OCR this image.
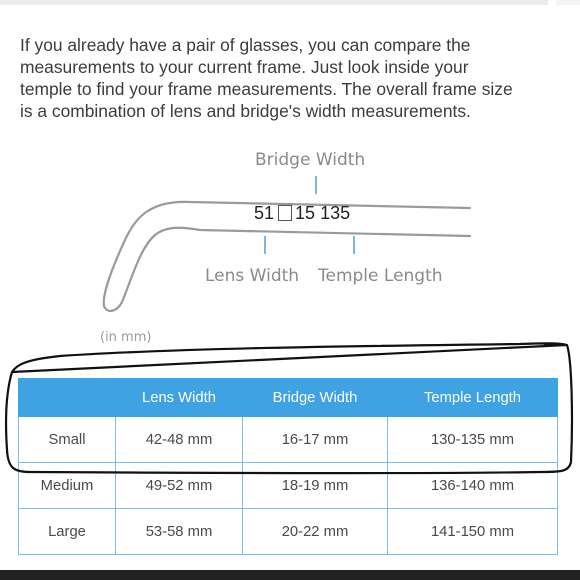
If you already have a pair of glasses, you can compare the
measurements to your current frame. Just look inside your
temple to find your frame measurements. The overall frame size
is a combination of lens and bridge's width measurements.

Bridge Width
51 15 135
Lens Width Temple Length
(in mm)
	Lens Width	Bridge Width	Temple Length
Small	42-48 mm	16-17 mm	130-135 mm
Medium	49-52 mm	18-19 mm	136-140 mm
Large	53-58 mm	20-22 mm	141-150 mm
